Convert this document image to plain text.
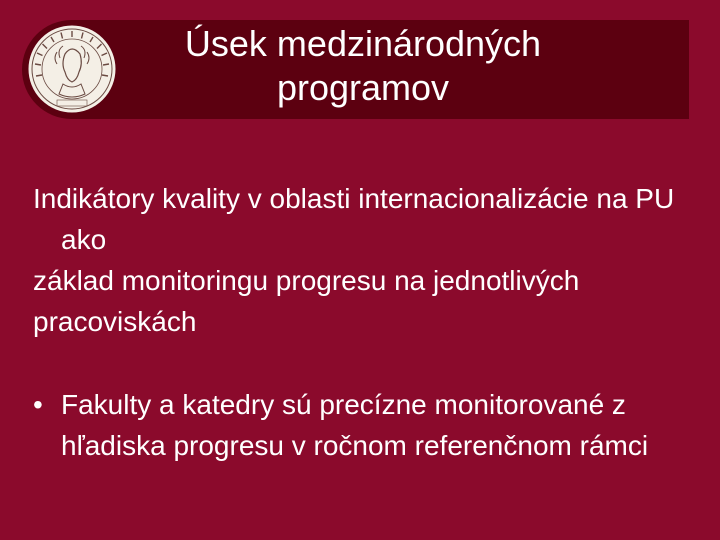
Úsek medzinárodných
programov

Indikátory kvality v oblasti internacionalizácie na PU ako

základ monitoringu progresu na jednotlivých

pracoviskách

• Fakulty a katedry sú precízne monitorované z hľadiska progresu v ročnom referenčnom rámci
